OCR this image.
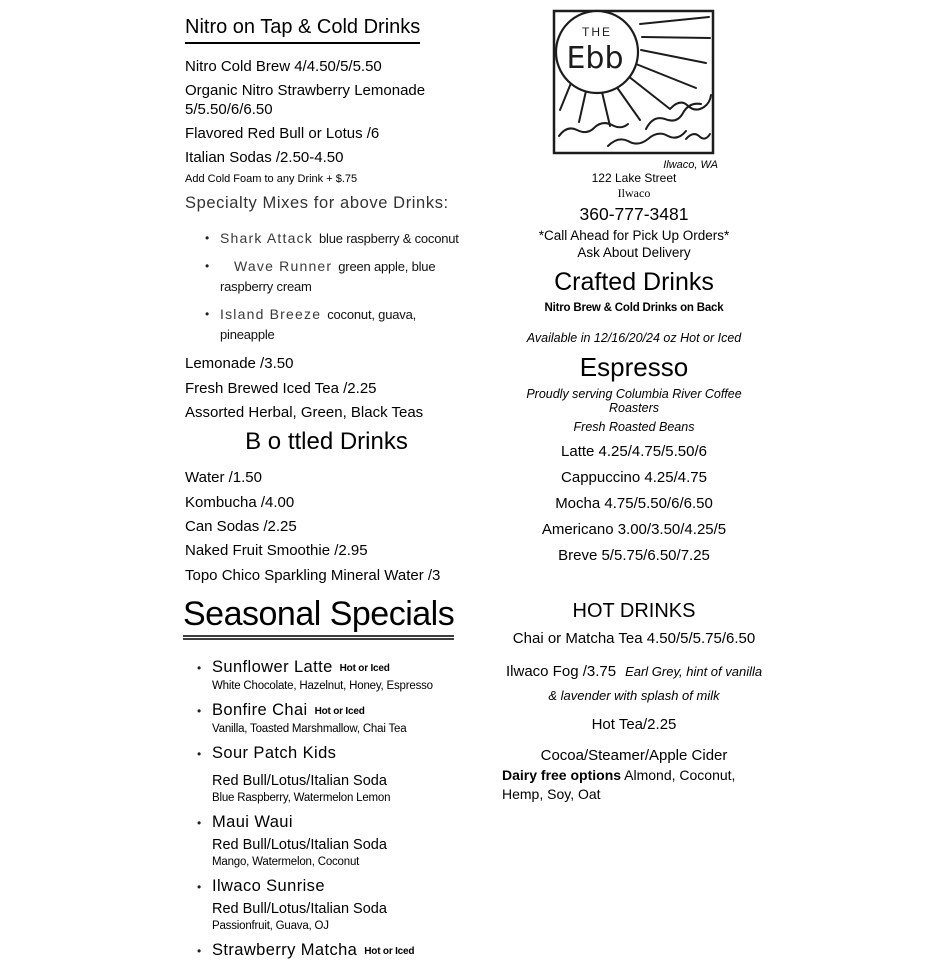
Nitro on Tap & Cold Drinks
Nitro Cold Brew 4/4.50/5/5.50
Organic Nitro Strawberry Lemonade 5/5.50/6/6.50
Flavored Red Bull or Lotus /6
Italian Sodas /2.50-4.50
Add Cold Foam to any Drink + $.75
Specialty Mixes for above Drinks:
• Shark Attack blue raspberry & coconut
•	Wave Runner green apple, blue raspberry cream
• Island Breeze coconut, guava, pineapple
Lemonade /3.50
Fresh Brewed Iced Tea /2.25
Assorted Herbal, Green, Black Teas
B o ttled Drinks
Water /1.50
Kombucha /4.00
Can Sodas /2.25
Naked Fruit Smoothie /2.95
Topo Chico Sparkling Mineral Water /3
Seasonal Specials
• Sunflower Latte Hot or Iced
White Chocolate, Hazelnut, Honey, Espresso
• Bonfire Chai Hot or Iced
Vanilla, Toasted Marshmallow, Chai Tea
• Sour Patch Kids
Red Bull/Lotus/Italian Soda
Blue Raspberry, Watermelon Lemon
• Maui Waui
Red Bull/Lotus/Italian Soda
Mango, Watermelon, Coconut
• Ilwaco Sunrise
Red Bull/Lotus/Italian Soda
Passionfruit, Guava, OJ
• Strawberry Matcha Hot or Iced
THE
Ebb
Ilwaco, WA
122 Lake Street
Ilwaco
360-777-3481
*Call Ahead for Pick Up Orders*
Ask About Delivery
Crafted Drinks
Nitro Brew & Cold Drinks on Back
Available in 12/16/20/24 oz Hot or Iced
Espresso
Proudly serving Columbia River Coffee Roasters
Fresh Roasted Beans
Latte 4.25/4.75/5.50/6
Cappuccino 4.25/4.75
Mocha 4.75/5.50/6/6.50
Americano 3.00/3.50/4.25/5
Breve 5/5.75/6.50/7.25
HOT DRINKS
Chai or Matcha Tea 4.50/5/5.75/6.50
Ilwaco Fog /3.75 Earl Grey, hint of vanilla
& lavender with splash of milk
Hot Tea/2.25
Cocoa/Steamer/Apple Cider
Dairy free options Almond, Coconut, Hemp, Soy, Oat
